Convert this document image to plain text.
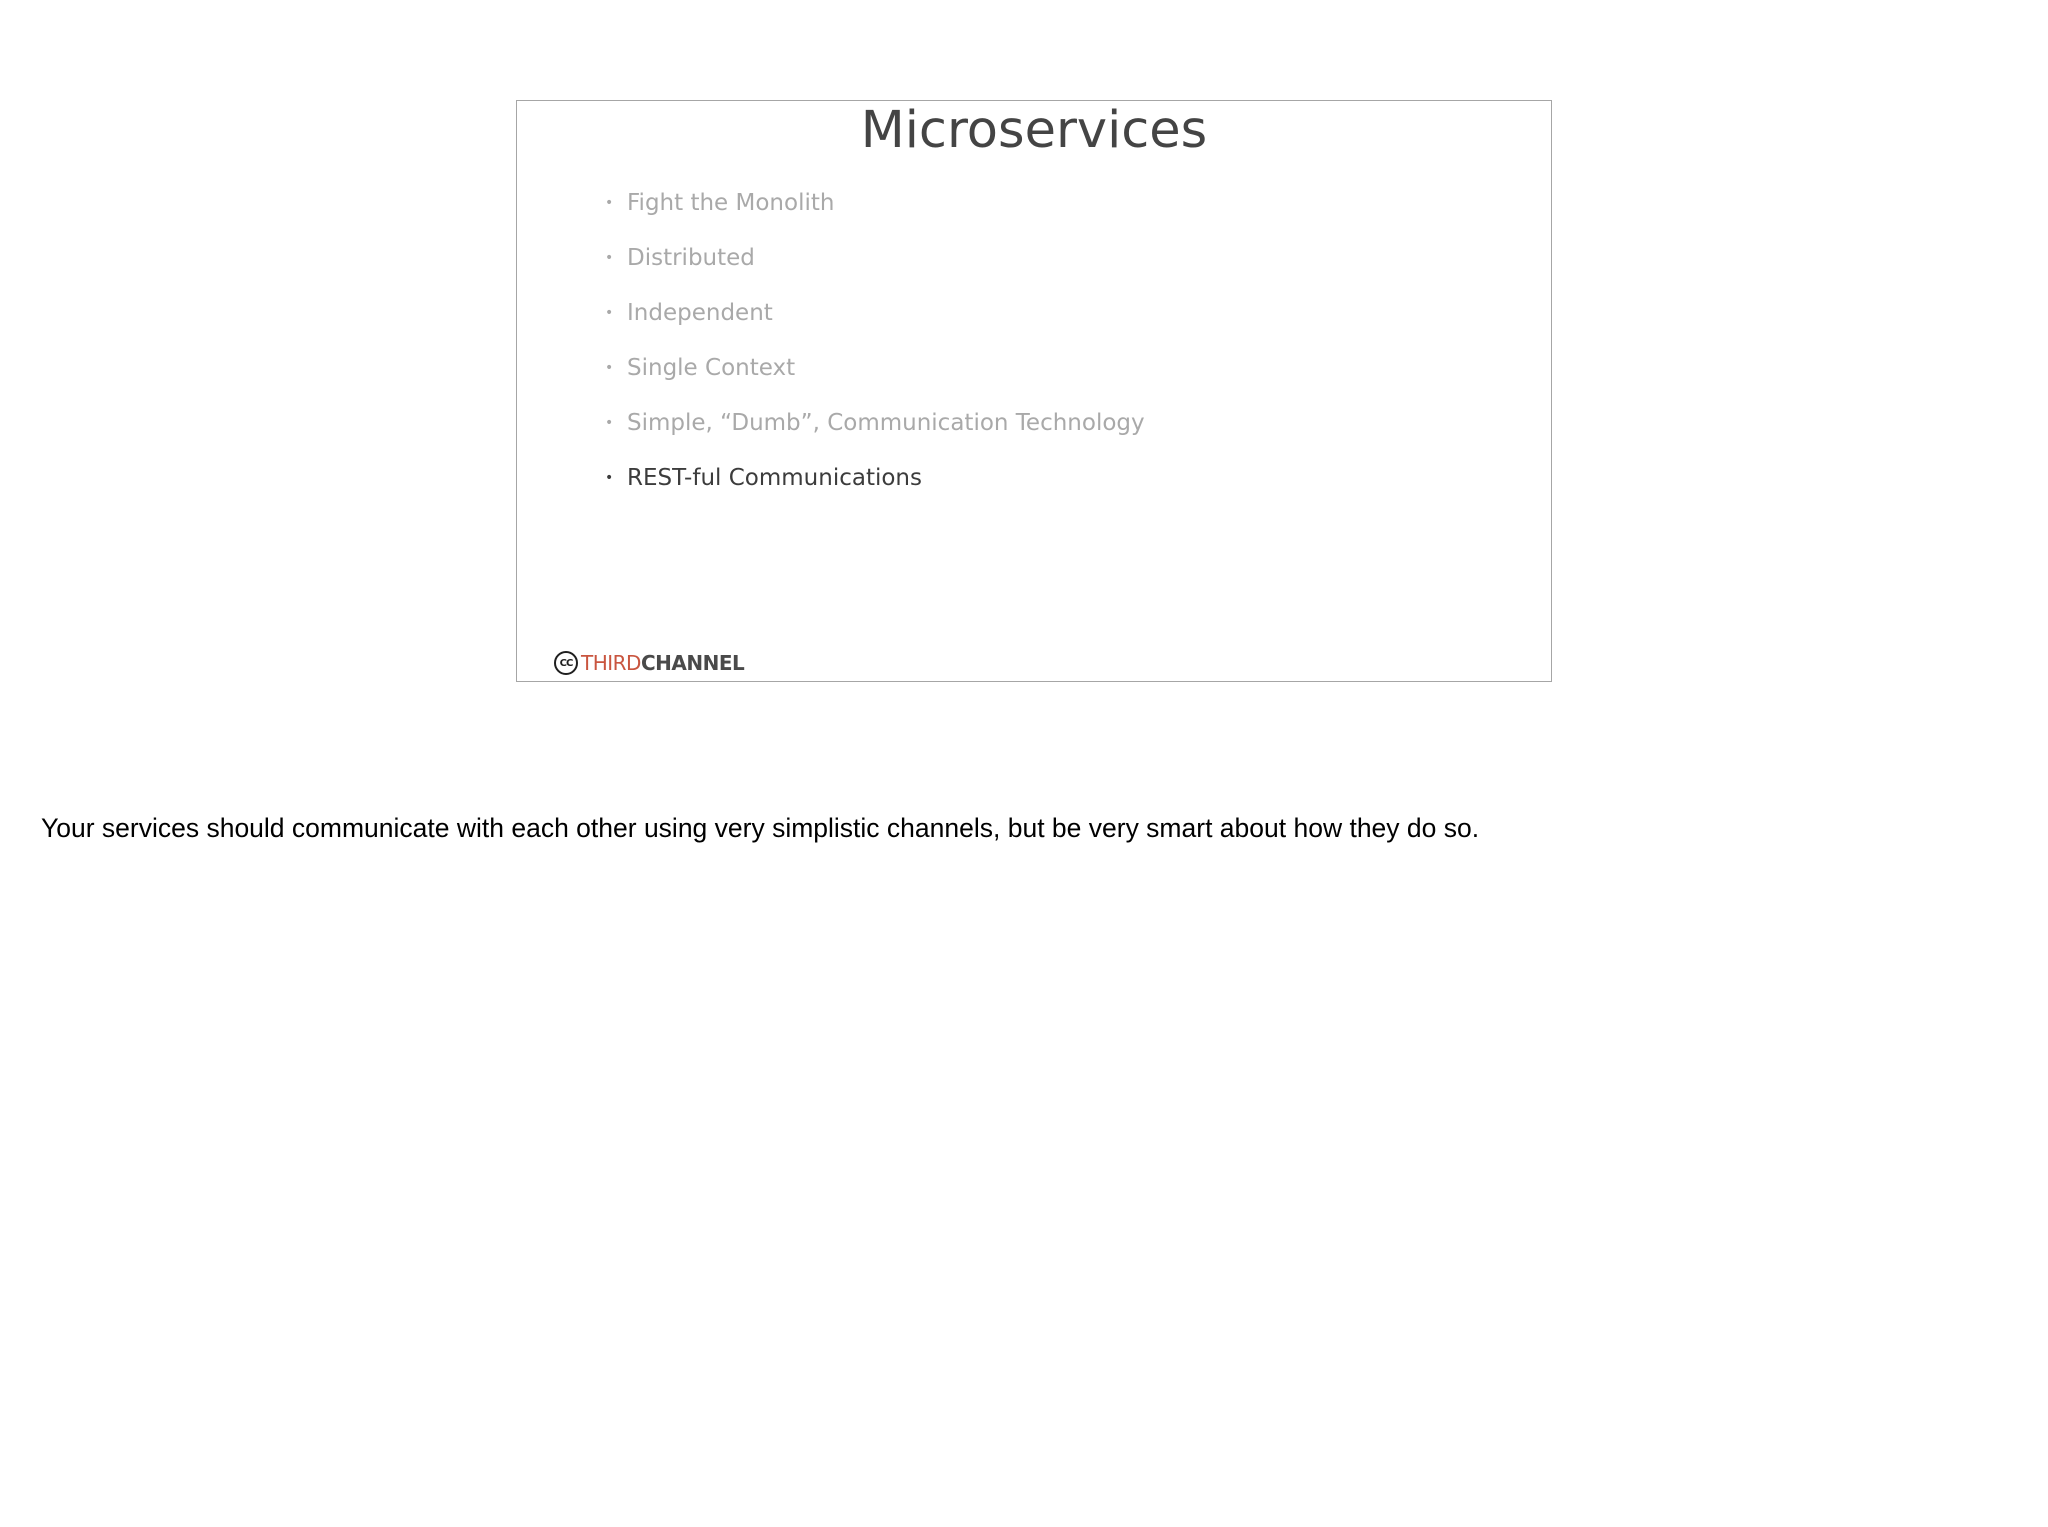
Microservices
• Fight the Monolith
• Distributed
• Independent
• Single Context
• Simple, “Dumb”, Communication Technology
• REST-ful Communications
CC THIRD CHANNEL

Your services should communicate with each other using very simplistic channels, but be very smart about how they do so.
